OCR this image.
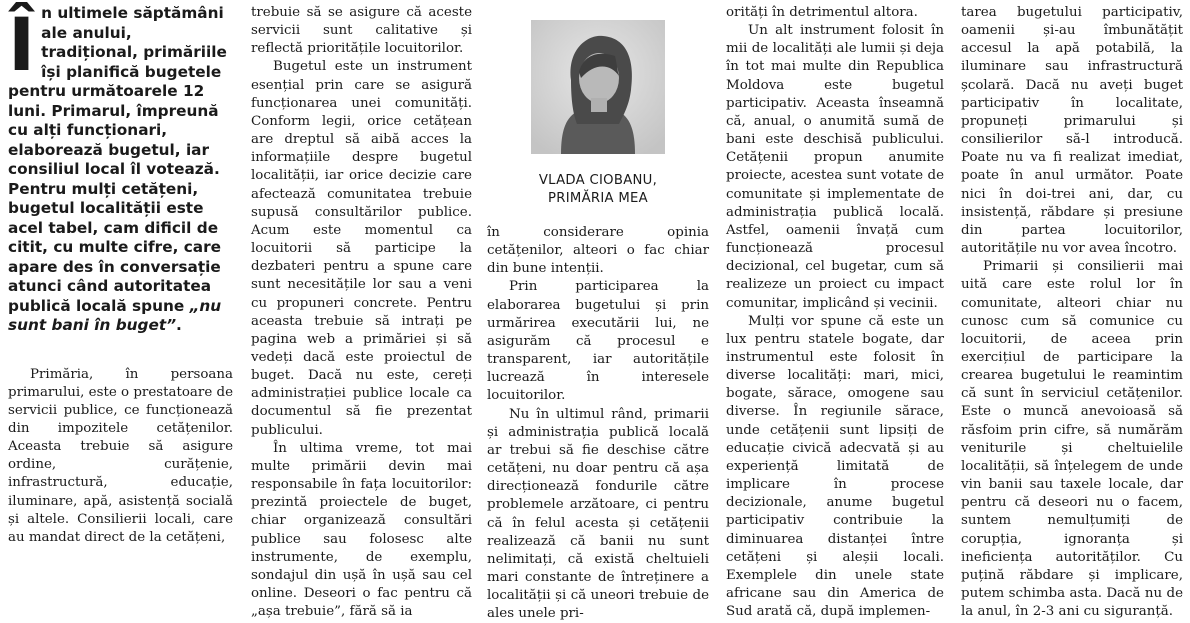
În ultimele săptămâni ale anului, tradițional, primăriile își planifică bugetele pentru următoarele 12 luni. Primarul, împreună cu alți funcționari, elaborează bugetul, iar consiliul local îl votează. Pentru mulți cetățeni, bugetul localității este acel tabel, cam dificil de citit, cu multe cifre, care apare des în conversație atunci când autoritatea publică locală spune „nu sunt bani în buget”.

Primăria, în persoana primarului, este o prestatoare de servicii publice, ce funcționează din impozitele cetățenilor. Aceasta trebuie să asigure ordine, curățenie, infrastructură, educație, iluminare, apă, asistență socială și altele. Consilierii locali, care au mandat direct de la cetățeni,

trebuie să se asigure că aceste servicii sunt calitative și reflectă prioritățile locuitorilor.

Bugetul este un instrument esențial prin care se asigură funcționarea unei comunități. Conform legii, orice cetățean are dreptul să aibă acces la informațiile despre bugetul localității, iar orice decizie care afectează comunitatea trebuie supusă consultărilor publice. Acum este momentul ca locuitorii să participe la dezbateri pentru a spune care sunt necesitățile lor sau a veni cu propuneri concrete. Pentru aceasta trebuie să intrați pe pagina web a primăriei și să vedeți dacă este proiectul de buget. Dacă nu este, cereți administrației publice locale ca documentul să fie prezentat publicului.

În ultima vreme, tot mai multe primării devin mai responsabile în fața locuitorilor: prezintă proiectele de buget, chiar organizează consultări publice sau folosesc alte instrumente, de exemplu, sondajul din ușă în ușă sau cel online. Deseori o fac pentru că „așa trebuie”, fără să ia

VLADA CIOBANU,
PRIMĂRIA MEA

în considerare opinia cetățenilor, alteori o fac chiar din bune intenții.

Prin participarea la elaborarea bugetului și prin urmărirea executării lui, ne asigurăm că procesul e transparent, iar autoritățile lucrează în interesele locuitorilor.

Nu în ultimul rând, primarii și administrația publică locală ar trebui să fie deschise către cetățeni, nu doar pentru că așa direcționează fondurile către problemele arzătoare, ci pentru că în felul acesta și cetățenii realizează că banii nu sunt nelimitați, că există cheltuieli mari constante de întreținere a localității și că uneori trebuie de ales unele pri-

orități în detrimentul altora.

Un alt instrument folosit în mii de localități ale lumii și deja în tot mai multe din Republica Moldova este bugetul participativ. Aceasta înseamnă că, anual, o anumită sumă de bani este deschisă publicului. Cetățenii propun anumite proiecte, acestea sunt votate de comunitate și implementate de administrația publică locală. Astfel, oamenii învață cum funcționează procesul decizional, cel bugetar, cum să realizeze un proiect cu impact comunitar, implicând și vecinii.

Mulți vor spune că este un lux pentru statele bogate, dar instrumentul este folosit în diverse localități: mari, mici, bogate, sărace, omogene sau diverse. În regiunile sărace, unde cetățenii sunt lipsiți de educație civică adecvată și au experiență limitată de implicare în procese decizionale, anume bugetul participativ contribuie la diminuarea distanței între cetățeni și aleșii locali. Exemplele din unele state africane sau din America de Sud arată că, după implemen-

tarea bugetului participativ, oamenii și-au îmbunătățit accesul la apă potabilă, la iluminare sau infrastructură școlară. Dacă nu aveți buget participativ în localitate, propuneți primarului și consilierilor să-l introducă. Poate nu va fi realizat imediat, poate în anul următor. Poate nici în doi-trei ani, dar, cu insistență, răbdare și presiune din partea locuitorilor, autoritățile nu vor avea încotro.

Primarii și consilierii mai uită care este rolul lor în comunitate, alteori chiar nu cunosc cum să comunice cu locuitorii, de aceea prin exercițiul de participare la crearea bugetului le reamintim că sunt în serviciul cetățenilor. Este o muncă anevoioasă să răsfoim prin cifre, să numărăm veniturile și cheltuielile localității, să înțelegem de unde vin banii sau taxele locale, dar pentru că deseori nu o facem, suntem nemulțumiți de corupția, ignoranța și ineficiența autorităților. Cu puțină răbdare și implicare, putem schimba asta. Dacă nu de la anul, în 2-3 ani cu siguranță.
